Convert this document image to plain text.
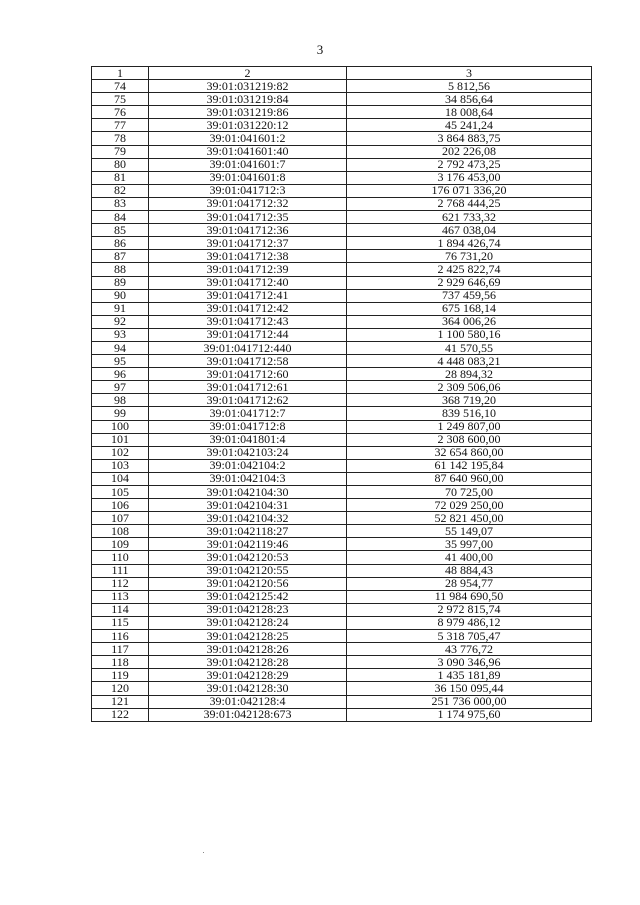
3
1	2	3
74	39:01:031219:82	5 812,56
75	39:01:031219:84	34 856,64
76	39:01:031219:86	18 008,64
77	39:01:031220:12	45 241,24
78	39:01:041601:2	3 864 883,75
79	39:01:041601:40	202 226,08
80	39:01:041601:7	2 792 473,25
81	39:01:041601:8	3 176 453,00
82	39:01:041712:3	176 071 336,20
83	39:01:041712:32	2 768 444,25
84	39:01:041712:35	621 733,32
85	39:01:041712:36	467 038,04
86	39:01:041712:37	1 894 426,74
87	39:01:041712:38	76 731,20
88	39:01:041712:39	2 425 822,74
89	39:01:041712:40	2 929 646,69
90	39:01:041712:41	737 459,56
91	39:01:041712:42	675 168,14
92	39:01:041712:43	364 006,26
93	39:01:041712:44	1 100 580,16
94	39:01:041712:440	41 570,55
95	39:01:041712:58	4 448 083,21
96	39:01:041712:60	28 894,32
97	39:01:041712:61	2 309 506,06
98	39:01:041712:62	368 719,20
99	39:01:041712:7	839 516,10
100	39:01:041712:8	1 249 807,00
101	39:01:041801:4	2 308 600,00
102	39:01:042103:24	32 654 860,00
103	39:01:042104:2	61 142 195,84
104	39:01:042104:3	87 640 960,00
105	39:01:042104:30	70 725,00
106	39:01:042104:31	72 029 250,00
107	39:01:042104:32	52 821 450,00
108	39:01:042118:27	55 149,07
109	39:01:042119:46	35 997,00
110	39:01:042120:53	41 400,00
111	39:01:042120:55	48 884,43
112	39:01:042120:56	28 954,77
113	39:01:042125:42	11 984 690,50
114	39:01:042128:23	2 972 815,74
115	39:01:042128:24	8 979 486,12
116	39:01:042128:25	5 318 705,47
117	39:01:042128:26	43 776,72
118	39:01:042128:28	3 090 346,96
119	39:01:042128:29	1 435 181,89
120	39:01:042128:30	36 150 095,44
121	39:01:042128:4	251 736 000,00
122	39:01:042128:673	1 174 975,60
